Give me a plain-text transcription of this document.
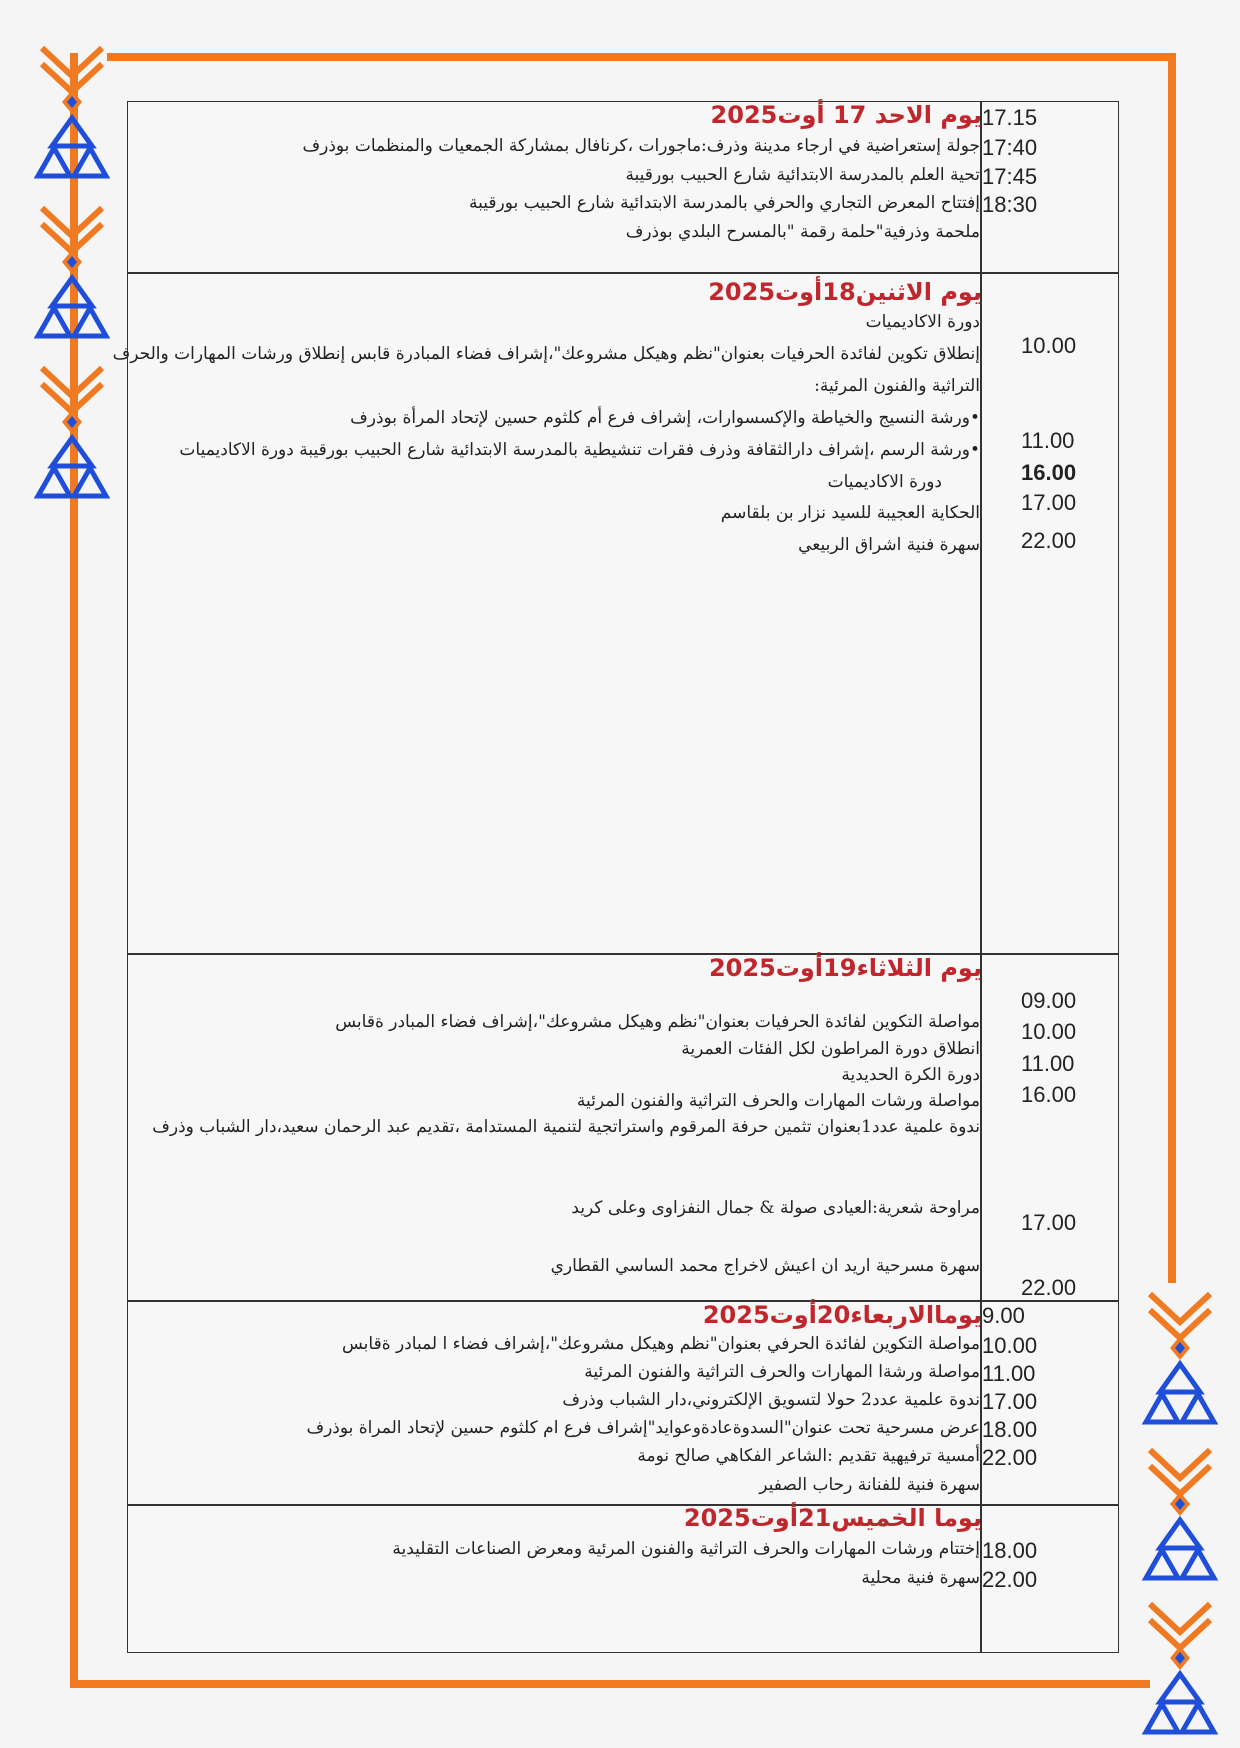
يوم الاحد 17 أوت2025 17.15
17:40
جولة إستعراضية في ارجاء مدينة وذرف:ماجورات ،كرنافال بمشاركة الجمعيات والمنظمات بوذرف
17:45
تحية العلم بالمدرسة الابتدائية شارع الحبيب بورقيبة
18:30
إفتتاح المعرض التجاري والحرفي بالمدرسة الابتدائية شارع الحبيب بورقيبة
ملحمة وذرفية"حلمة رقمة "بالمسرح البلدي بوذرف
يوم الاثنين18أوت2025
دورة الاكاديميات
إنطلاق تكوين لفائدة الحرفيات بعنوان"نظم وهيكل مشروعك"،إشراف فضاء المبادرة قابس إنطلاق ورشات المهارات والحرف
التراثية والفنون المرئية:
•ورشة النسيج والخياطة والإكسسوارات، إشراف فرع أم كلثوم حسين لإتحاد المرأة بوذرف
•ورشة الرسم ،إشراف دارالثقافة وذرف فقرات تنشيطية بالمدرسة الابتدائية شارع الحبيب بورقيبة دورة الاكاديميات
دورة الاكاديميات
الحكاية العجيبة للسيد نزار بن بلقاسم
سهرة فنية اشراق الربيعي
10.00
11.00
16.00
17.00
22.00
يوم الثلاثاء19أوت2025
مواصلة التكوين لفائدة الحرفيات بعنوان"نظم وهيكل مشروعك"،إشراف فضاء المبادر ةقابس
انطلاق دورة المراطون لكل الفئات العمرية
دورة الكرة الحديدية
مواصلة ورشات المهارات والحرف التراثية والفنون المرئية
ندوة علمية عدد1بعنوان تثمين حرفة المرقوم واستراتجية لتنمية المستدامة ،تقديم عبد الرحمان سعيد،دار الشباب وذرف
مراوحة شعرية:العيادى صولة & جمال النفزاوى وعلى كريد
سهرة مسرحية اريد ان اعيش لاخراج محمد الساسي القطاري
09.00
10.00
11.00
16.00
17.00
22.00
يوماالاربعاء20أوت2025 9.00
10.00
مواصلة التكوين لفائدة الحرفي بعنوان"نظم وهيكل مشروعك"،إشراف فضاء ا لمبادر ةقابس
11.00
مواصلة ورشةا المهارات والحرف التراثية والفنون المرئية
17.00
ندوة علمية عدد2 حولا لتسويق الإلكتروني،دار الشباب وذرف
18.00
عرض مسرحية تحت عنوان"السدوةعادةوعوايد"إشراف فرع ام كلثوم حسين لإتحاد المراة بوذرف
22.00
أمسية ترفيهية تقديم :الشاعر الفكاهي صالح نومة
سهرة فنية للفنانة رحاب الصفير
يوما الخميس21أوت2025
18.00
إختتام ورشات المهارات والحرف التراثية والفنون المرئية ومعرض الصناعات التقليدية
22.00
سهرة فنية محلية
